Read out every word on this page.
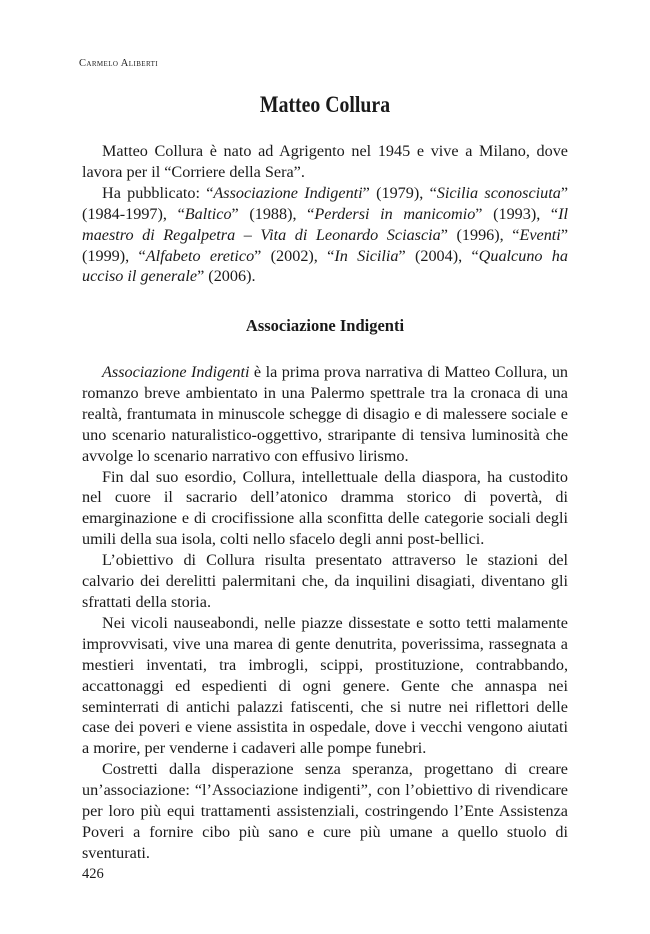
Carmelo Aliberti
Matteo Collura

Matteo Collura è nato ad Agrigento nel 1945 e vive a Milano, dove lavora per il “Corriere della Sera”.

Ha pubblicato: “Associazione Indigenti” (1979), “Sicilia sconosciuta” (1984-1997), “Baltico” (1988), “Perdersi in manicomio” (1993), “Il maestro di Regalpetra – Vita di Leonardo Sciascia” (1996), “Eventi” (1999), “Alfabeto eretico” (2002), “In Sicilia” (2004), “Qualcuno ha ucciso il generale” (2006).

Associazione Indigenti

Associazione Indigenti è la prima prova narrativa di Matteo Collura, un romanzo breve ambientato in una Palermo spettrale tra la cronaca di una realtà, frantumata in minuscole schegge di disagio e di malessere sociale e uno scenario naturalistico-oggettivo, straripante di tensiva luminosità che avvolge lo scenario narrativo con effusivo lirismo.

Fin dal suo esordio, Collura, intellettuale della diaspora, ha custodito nel cuore il sacrario dell’atonico dramma storico di povertà, di emarginazione e di crocifissione alla sconfitta delle categorie sociali degli umili della sua isola, colti nello sfacelo degli anni post-bellici.

L’obiettivo di Collura risulta presentato attraverso le stazioni del calvario dei derelitti palermitani che, da inquilini disagiati, diventano gli sfrattati della storia.

Nei vicoli nauseabondi, nelle piazze dissestate e sotto tetti malamente improvvisati, vive una marea di gente denutrita, poverissima, rassegnata a mestieri inventati, tra imbrogli, scippi, prostituzione, contrabbando, accattonaggi ed espedienti di ogni genere. Gente che annaspa nei seminterrati di antichi palazzi fatiscenti, che si nutre nei riflettori delle case dei poveri e viene assistita in ospedale, dove i vecchi vengono aiutati a morire, per venderne i cadaveri alle pompe funebri.

Costretti dalla disperazione senza speranza, progettano di creare un’associazione: “l’Associazione indigenti”, con l’obiettivo di rivendicare per loro più equi trattamenti assistenziali, costringendo l’Ente Assistenza Poveri a fornire cibo più sano e cure più umane a quello stuolo di sventurati.

426
